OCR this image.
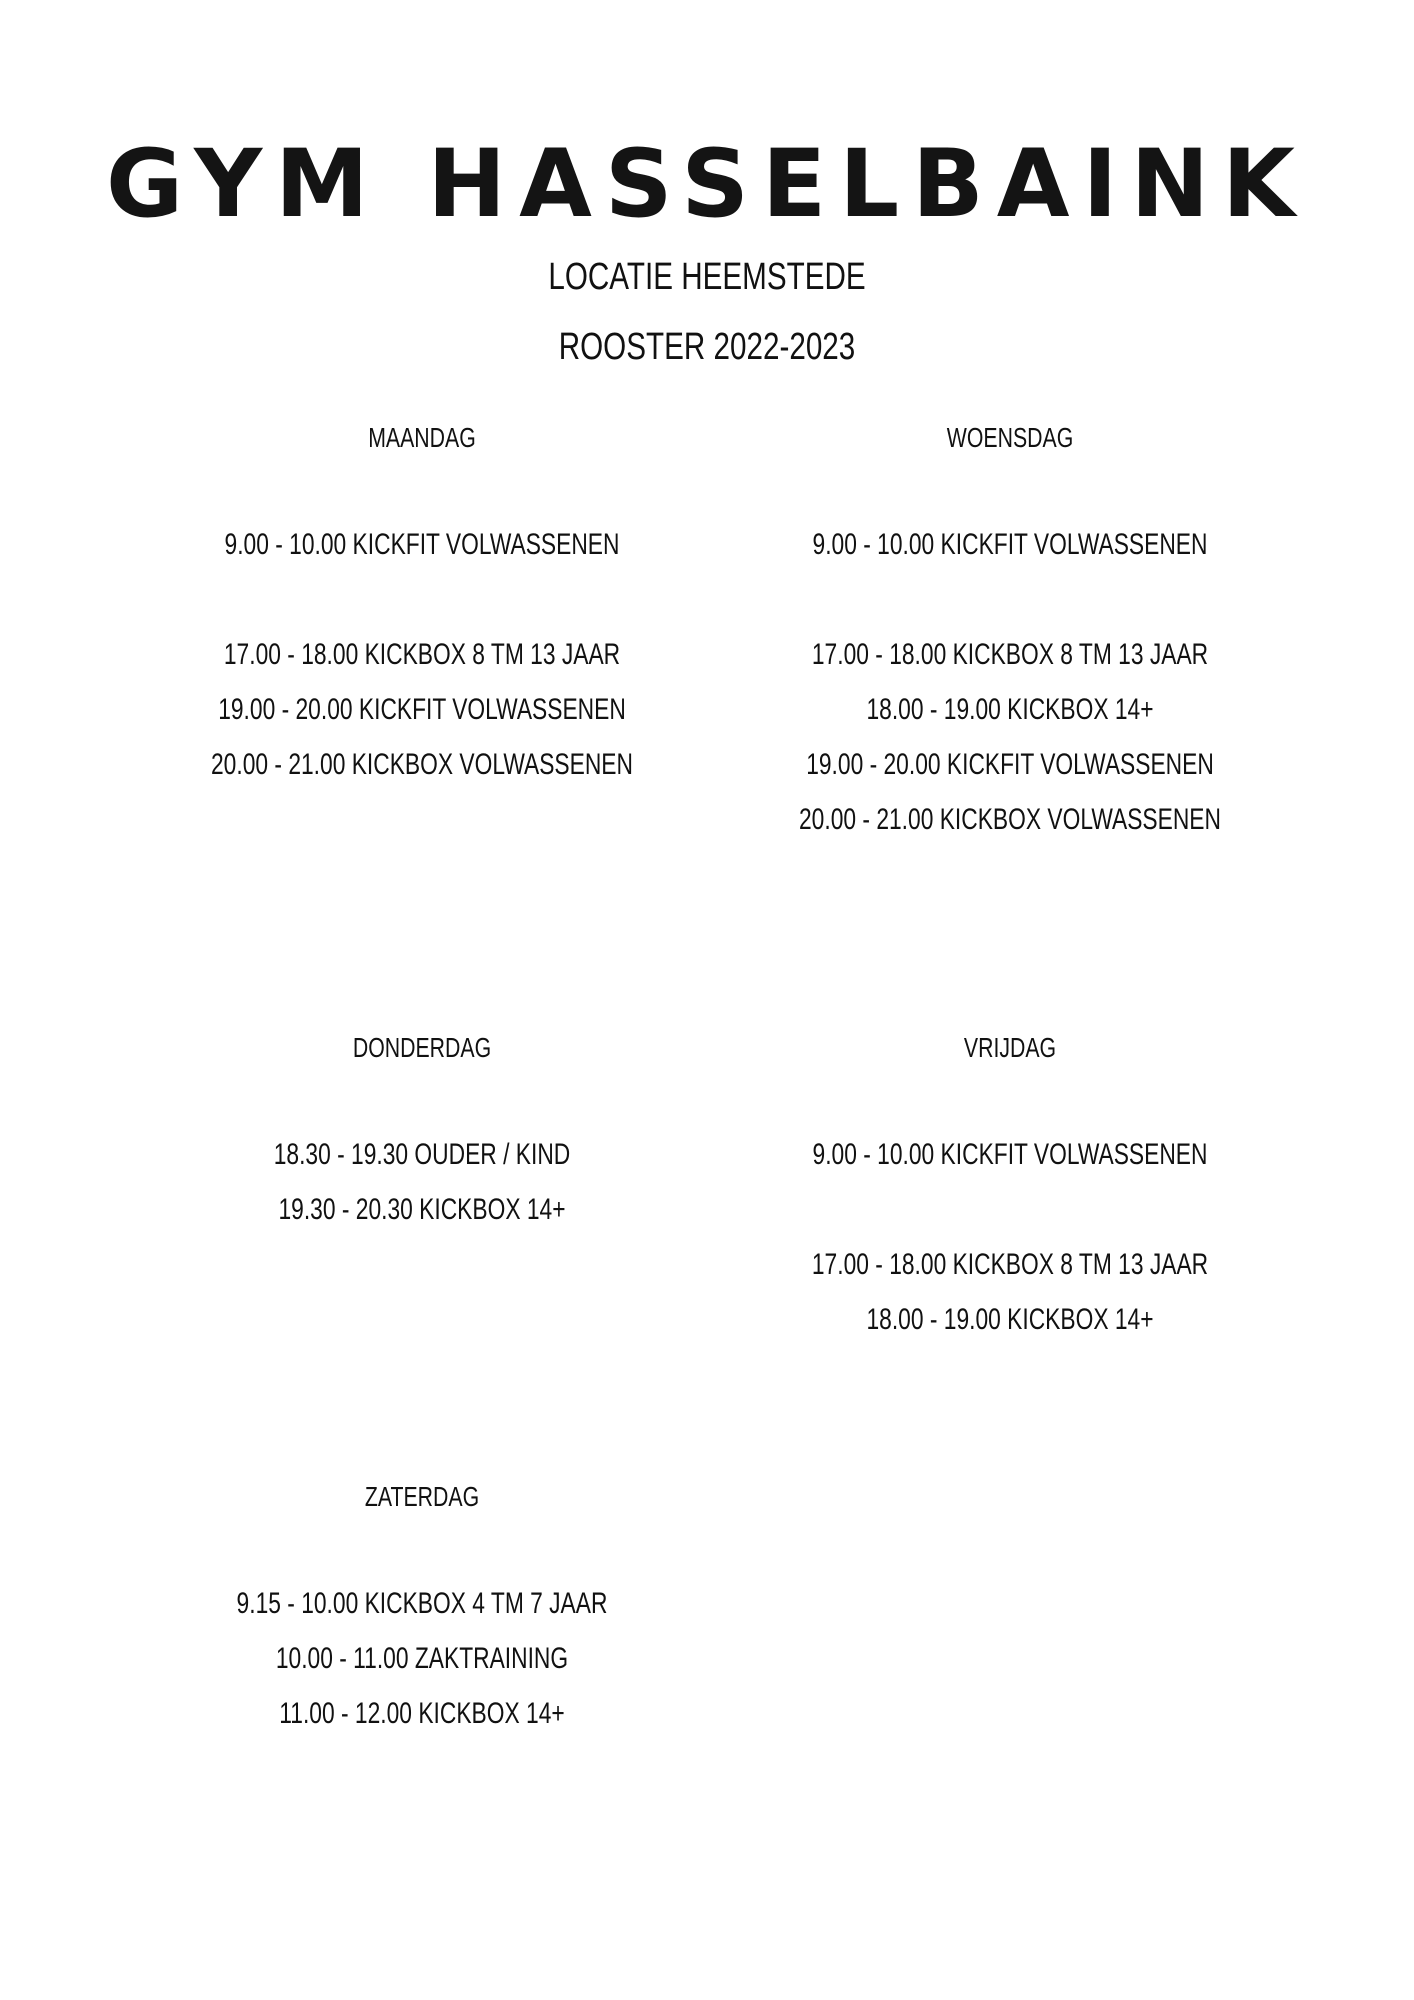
GYM HASSELBAINK
LOCATIE HEEMSTEDE
ROOSTER 2022-2023
MAANDAG
9.00 - 10.00 KICKFIT VOLWASSENEN
17.00 - 18.00 KICKBOX 8 TM 13 JAAR
19.00 - 20.00 KICKFIT VOLWASSENEN
20.00 - 21.00 KICKBOX VOLWASSENEN
WOENSDAG
9.00 - 10.00 KICKFIT VOLWASSENEN
17.00 - 18.00 KICKBOX 8 TM 13 JAAR
18.00 - 19.00 KICKBOX 14+
19.00 - 20.00 KICKFIT VOLWASSENEN
20.00 - 21.00 KICKBOX VOLWASSENEN
DONDERDAG
18.30 - 19.30 OUDER / KIND
19.30 - 20.30 KICKBOX 14+
VRIJDAG
9.00 - 10.00 KICKFIT VOLWASSENEN
17.00 - 18.00 KICKBOX 8 TM 13 JAAR
18.00 - 19.00 KICKBOX 14+
ZATERDAG
9.15 - 10.00 KICKBOX 4 TM 7 JAAR
10.00 - 11.00 ZAKTRAINING
11.00 - 12.00 KICKBOX 14+
